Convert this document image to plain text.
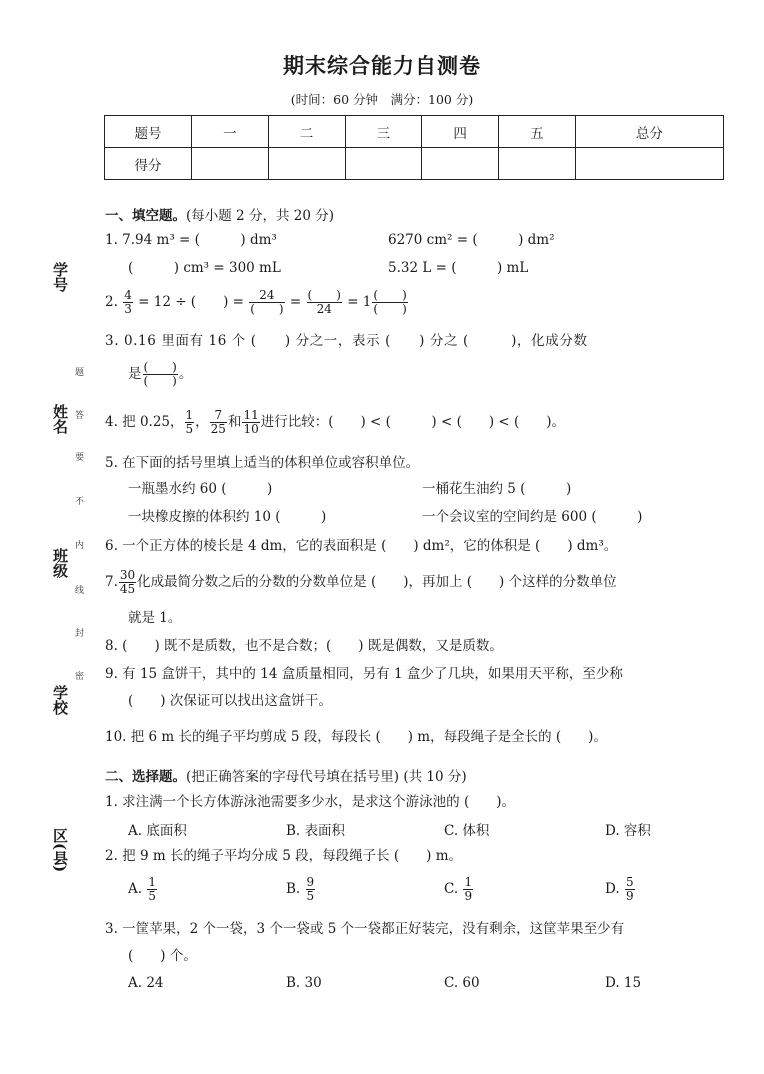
期末综合能力自测卷
(时间：60 分钟　满分：100 分)
题号	一	二	三	四	五	总分
得分						
学号
姓名
班级
学校
区(县)
题
答
要
不
内
线
封
密
一、填空题。(每小题 2 分，共 20 分)
1. 7.94 m³ = (　　　) dm³	6270 cm² = (　　　) dm²
(　　　) cm³ = 300 mL	5.32 L = (　　　) mL
2. $\frac{4}{3} = 12$ ÷ (　　) = $\frac{24}{( )} = \frac{( )}{24} = 1 \frac{( )}{( )}$
3. 0.16 里面有 16 个 (　　) 分之一，表示 (　　) 分之 (　　　)，化成分数
是 $\frac{( )}{( )}$ 。
4. 把 0.25， $\frac{1}{5}$ ， $\frac{7}{25}$ 和 $\frac{11}{10}$ 进行比较：(　　) < (　　　) < (　　) < (　　)。
5. 在下面的括号里填上适当的体积单位或容积单位。
一瓶墨水约 60 (　　　)	一桶花生油约 5 (　　　)
一块橡皮擦的体积约 10 (　　　)	一个会议室的空间约是 600 (　　　)
6. 一个正方体的棱长是 4 dm，它的表面积是 (　　) dm²，它的体积是 (　　) dm³。
7. $\frac{30}{45}$ 化成最简分数之后的分数的分数单位是 (　　)，再加上 (　　) 个这样的分数单位
就是 1。
8. (　　) 既不是质数，也不是合数；(　　) 既是偶数，又是质数。
9. 有 15 盒饼干，其中的 14 盒质量相同，另有 1 盒少了几块，如果用天平称，至少称
(　　) 次保证可以找出这盒饼干。
10. 把 6 m 长的绳子平均剪成 5 段，每段长 (　　) m，每段绳子是全长的 (　　)。
二、选择题。(把正确答案的字母代号填在括号里) (共 10 分)
1. 求注满一个长方体游泳池需要多少水，是求这个游泳池的 (　　)。
A. 底面积	B. 表面积	C. 体积	D. 容积
2. 把 9 m 长的绳子平均分成 5 段，每段绳子长 (　　) m。
A. $\frac{1}{5}$	B. $\frac{9}{5}$	C. $\frac{1}{9}$	D. $\frac{5}{9}$
3. 一筐苹果，2 个一袋，3 个一袋或 5 个一袋都正好装完，没有剩余，这筐苹果至少有
(　　) 个。
A. 24	B. 30	C. 60	D. 15
